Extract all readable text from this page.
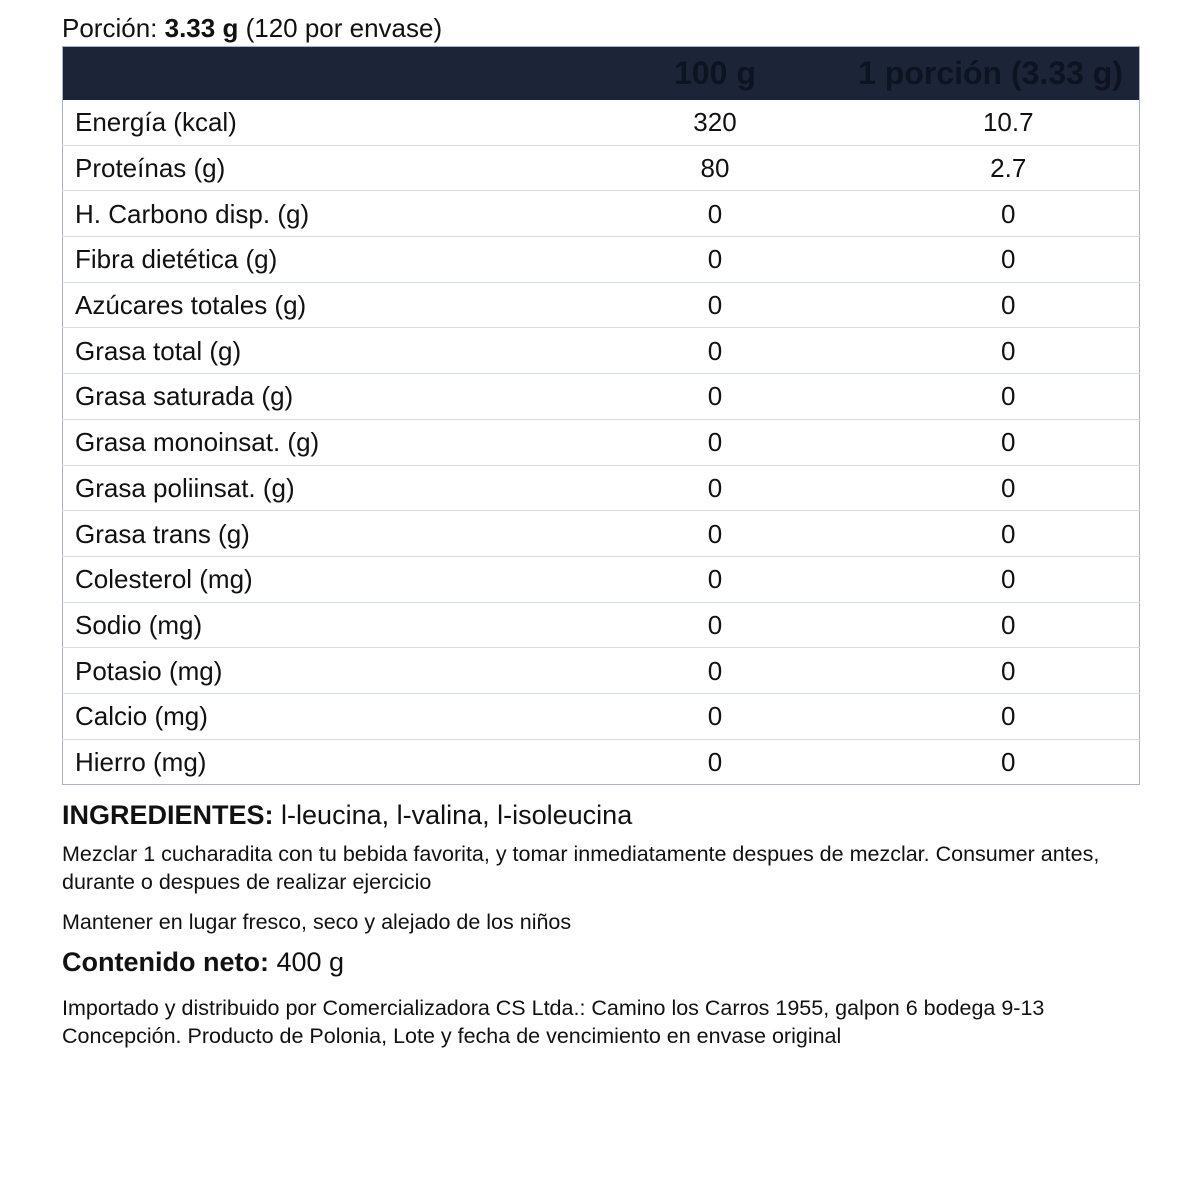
Porción: 3.33 g (120 por envase)
	100 g	1 porción (3.33 g)
Energía (kcal)	320	10.7
Proteínas (g)	80	2.7
H. Carbono disp. (g)	0	0
Fibra dietética (g)	0	0
Azúcares totales (g)	0	0
Grasa total (g)	0	0
Grasa saturada (g)	0	0
Grasa monoinsat. (g)	0	0
Grasa poliinsat. (g)	0	0
Grasa trans (g)	0	0
Colesterol (mg)	0	0
Sodio (mg)	0	0
Potasio (mg)	0	0
Calcio (mg)	0	0
Hierro (mg)	0	0
INGREDIENTES: l-leucina, l-valina, l-isoleucina
Mezclar 1 cucharadita con tu bebida favorita, y tomar inmediatamente despues de mezclar. Consumer antes, durante o despues de realizar ejercicio
Mantener en lugar fresco, seco y alejado de los niños
Contenido neto: 400 g
Importado y distribuido por Comercializadora CS Ltda.: Camino los Carros 1955, galpon 6 bodega 9-13 Concepción. Producto de Polonia, Lote y fecha de vencimiento en envase original
